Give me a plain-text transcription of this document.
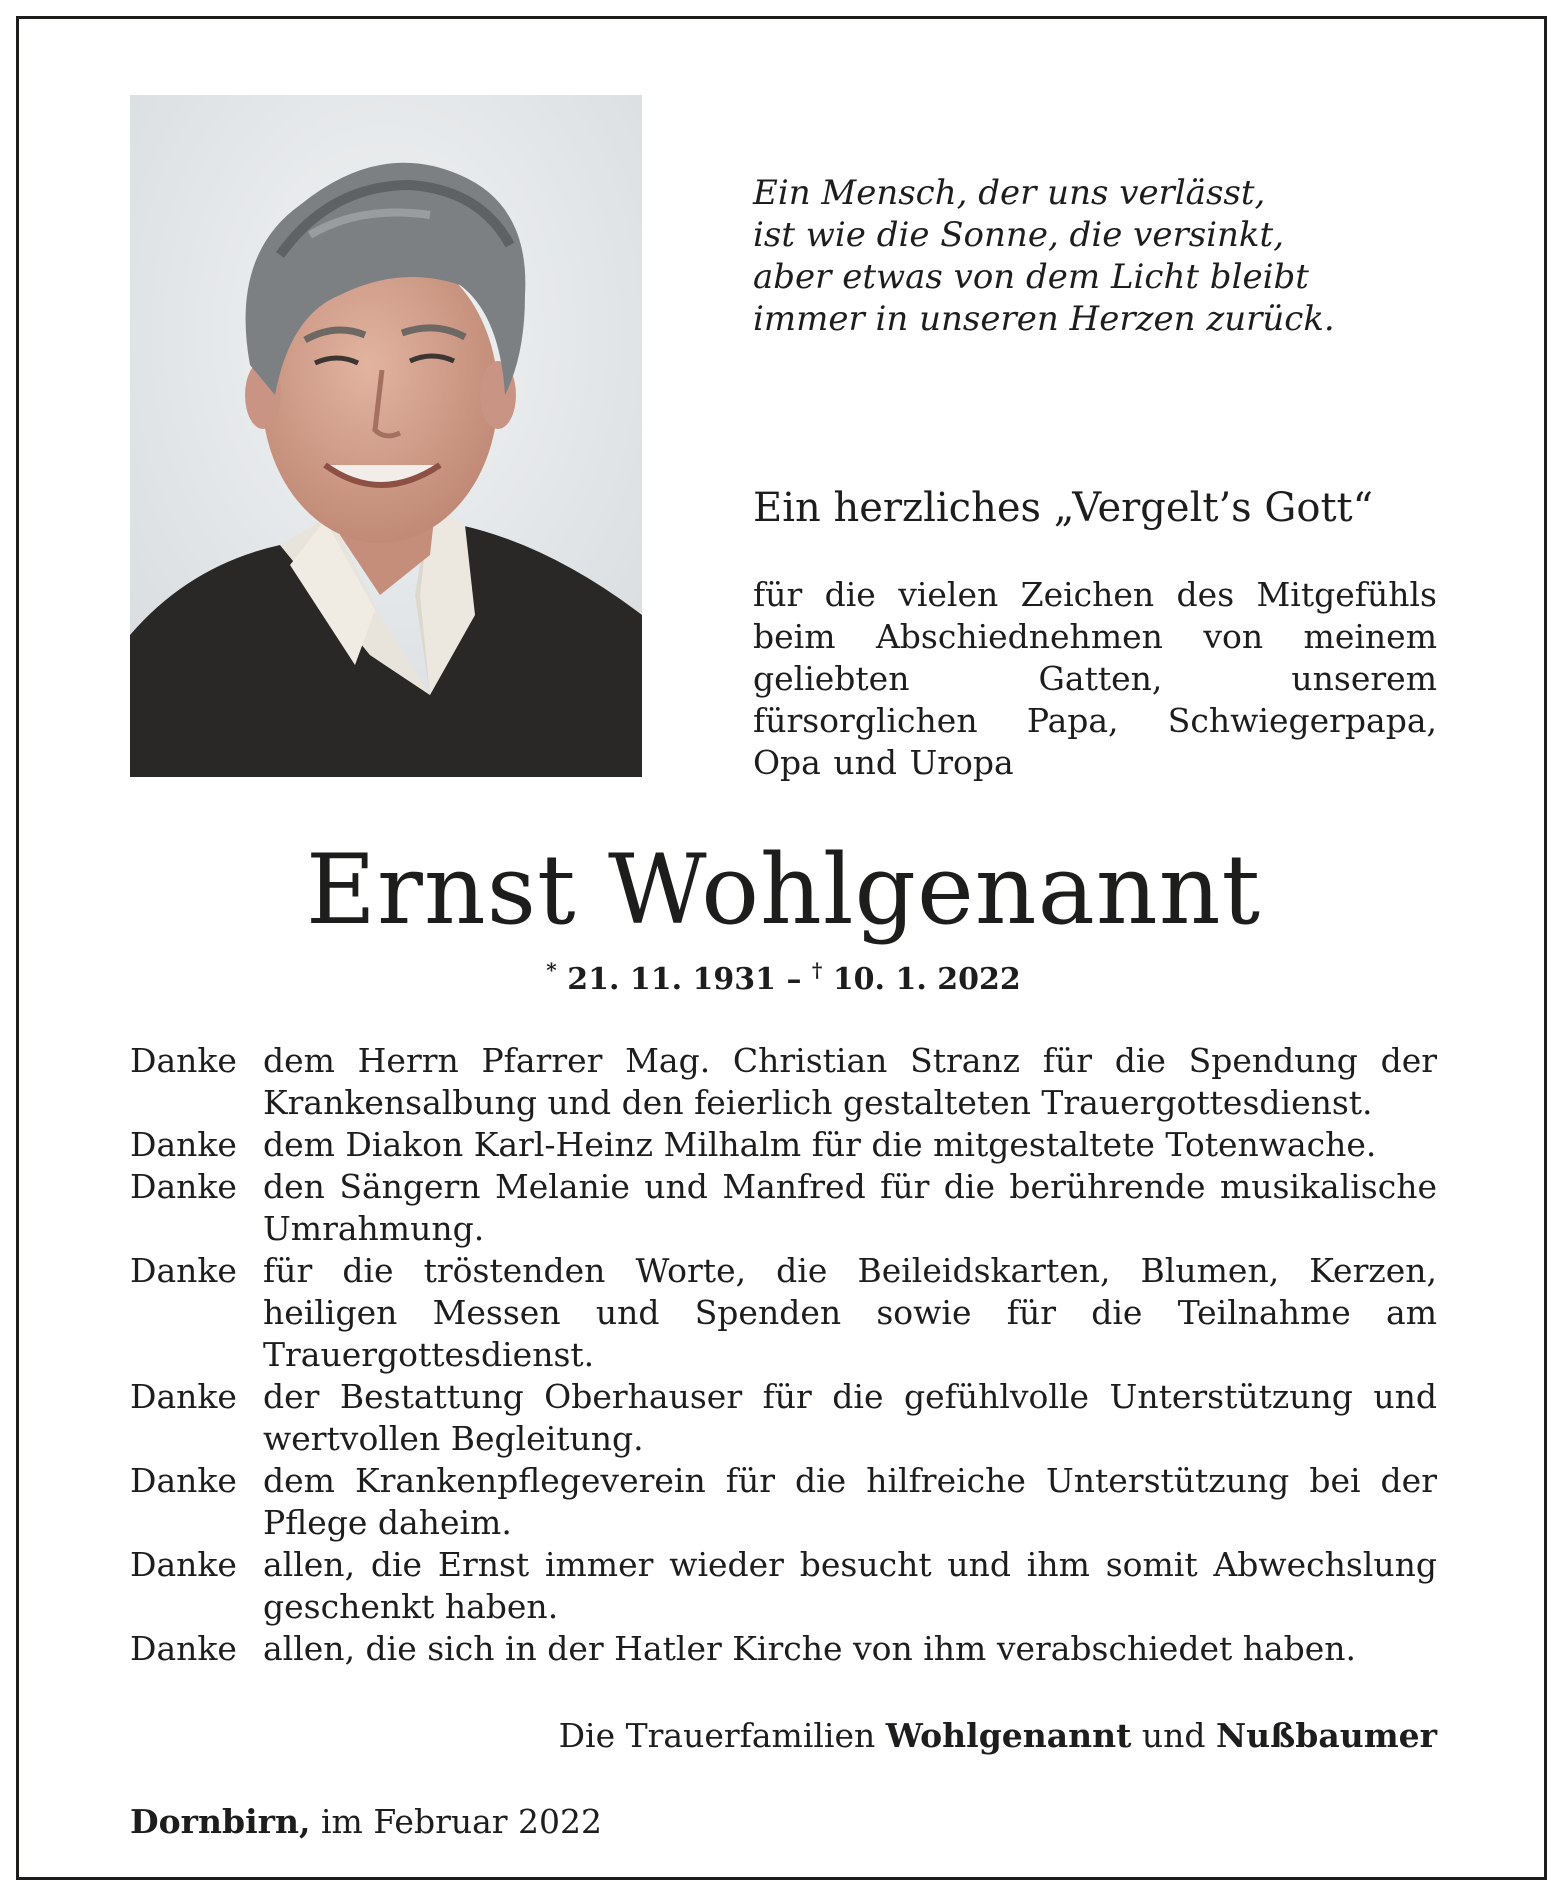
Ein Mensch, der uns verlässt,
ist wie die Sonne, die versinkt,
aber etwas von dem Licht bleibt
immer in unseren Herzen zurück.
Ein herzliches „Vergelt’s Gott“
für die vielen Zeichen des Mitgefühls beim Abschiednehmen von meinem geliebten Gatten, unserem fürsorglichen Papa, Schwiegerpapa, Opa und Uropa
Ernst Wohlgenannt
* 21. 11. 1931 – † 10. 1. 2022
Danke dem Herrn Pfarrer Mag. Christian Stranz für die Spendung der Krankensalbung und den feierlich gestalteten Trauergottesdienst.
Danke dem Diakon Karl-Heinz Milhalm für die mitgestaltete Totenwache.
Danke den Sängern Melanie und Manfred für die berührende musikalische Umrahmung.
Danke für die tröstenden Worte, die Beileidskarten, Blumen, Kerzen, heiligen Messen und Spenden sowie für die Teilnahme am Trauergottesdienst.
Danke der Bestattung Oberhauser für die gefühlvolle Unterstützung und wertvollen Begleitung.
Danke dem Krankenpflegeverein für die hilfreiche Unterstützung bei der Pflege daheim.
Danke allen, die Ernst immer wieder besucht und ihm somit Abwechslung geschenkt haben.
Danke allen, die sich in der Hatler Kirche von ihm verabschiedet haben.
Die Trauerfamilien Wohlgenannt und Nußbaumer
Dornbirn, im Februar 2022
